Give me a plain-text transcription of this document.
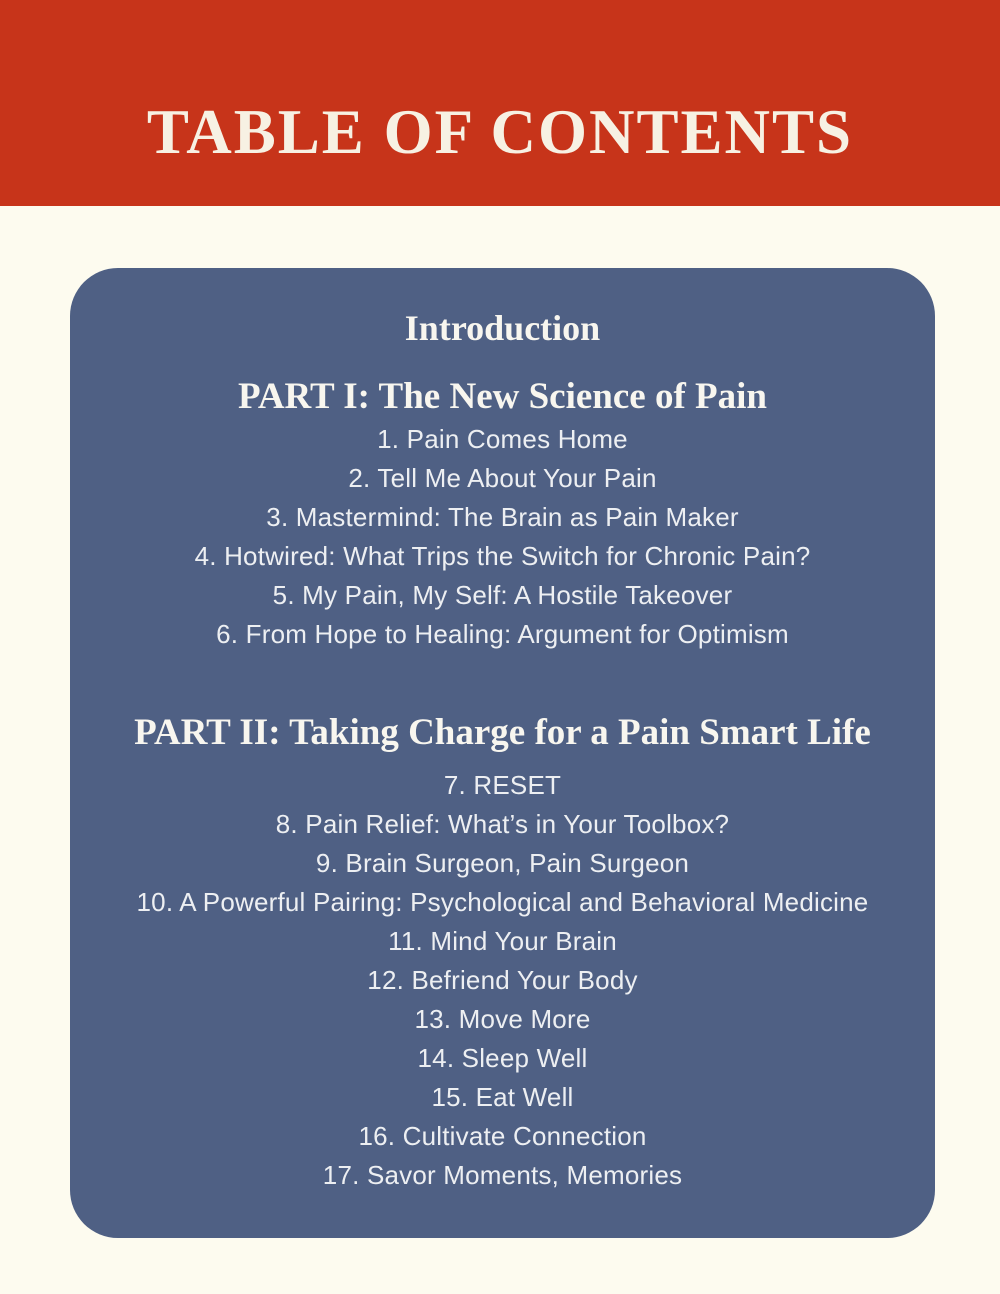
TABLE OF CONTENTS
Introduction
PART I: The New Science of Pain
1. Pain Comes Home
2. Tell Me About Your Pain
3. Mastermind: The Brain as Pain Maker
4. Hotwired: What Trips the Switch for Chronic Pain?
5. My Pain, My Self: A Hostile Takeover
6. From Hope to Healing: Argument for Optimism
PART II: Taking Charge for a Pain Smart Life
7. RESET
8. Pain Relief: What’s in Your Toolbox?
9. Brain Surgeon, Pain Surgeon
10. A Powerful Pairing: Psychological and Behavioral Medicine
11. Mind Your Brain
12. Befriend Your Body
13. Move More
14. Sleep Well
15. Eat Well
16. Cultivate Connection
17. Savor Moments, Memories
